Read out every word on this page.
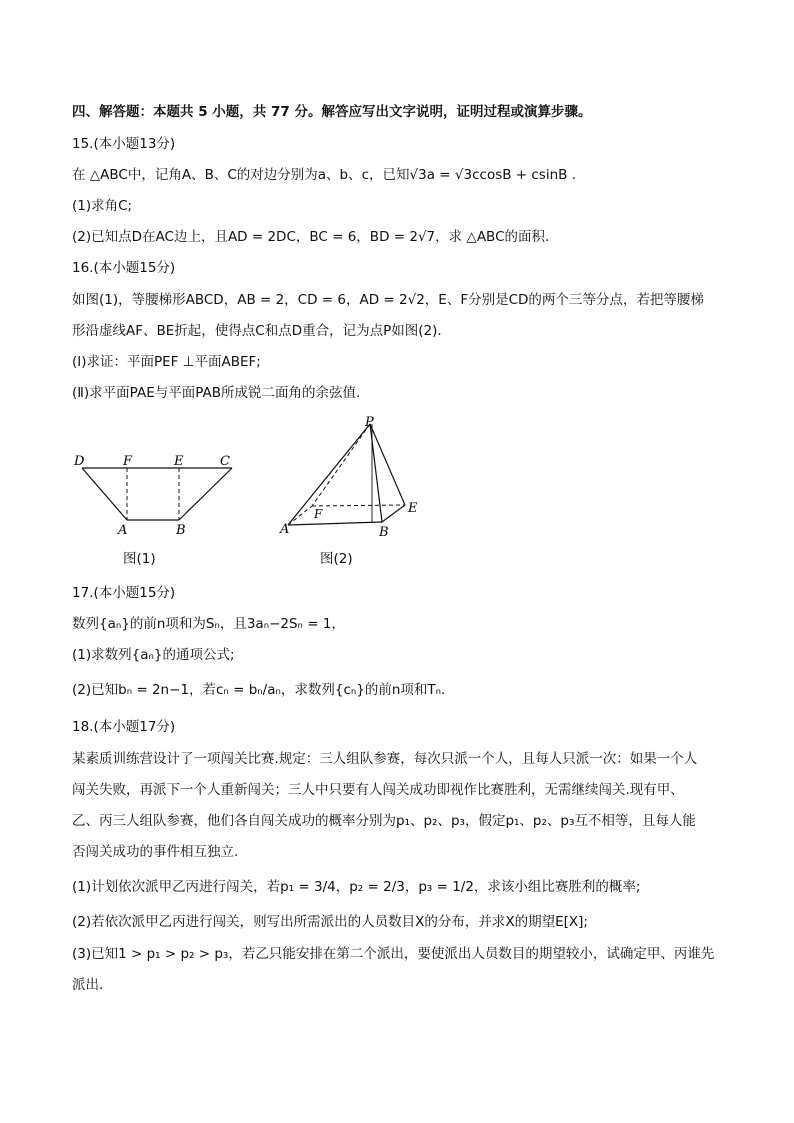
四、解答题：本题共 5 小题，共 77 分。解答应写出文字说明，证明过程或演算步骤。
15.(本小题13分)
在 △ABC中，记角A、B、C的对边分别为a、b、c，已知√3a = √3ccosB + csinB .
(1)求角C;
(2)已知点D在AC边上，且AD = 2DC，BC = 6，BD = 2√7，求 △ABC的面积.
16.(本小题15分)
如图(1)，等腰梯形ABCD，AB = 2，CD = 6，AD = 2√2，E、F分别是CD的两个三等分点，若把等腰梯
形沿虚线AF、BE折起，使得点C和点D重合，记为点P如图(2).
(Ⅰ)求证：平面PEF ⊥平面ABEF;
(Ⅱ)求平面PAE与平面PAB所成锐二面角的余弦值.
D	F	E	C
A	B
图(1)
P
F	E
A	B
图(2)
17.(本小题15分)
数列{aₙ}的前n项和为Sₙ，且3aₙ−2Sₙ = 1，
(1)求数列{aₙ}的通项公式;
(2)已知bₙ = 2n−1，若cₙ = bₙ/aₙ，求数列{cₙ}的前n项和Tₙ.
18.(本小题17分)
某素质训练营设计了一项闯关比赛.规定：三人组队参赛，每次只派一个人，且每人只派一次：如果一个人
闯关失败，再派下一个人重新闯关；三人中只要有人闯关成功即视作比赛胜利，无需继续闯关.现有甲、
乙、丙三人组队参赛，他们各自闯关成功的概率分别为p₁、p₂、p₃，假定p₁、p₂、p₃互不相等，且每人能
否闯关成功的事件相互独立.
(1)计划依次派甲乙丙进行闯关，若p₁ = 3/4，p₂ = 2/3，p₃ = 1/2，求该小组比赛胜利的概率;
(2)若依次派甲乙丙进行闯关，则写出所需派出的人员数目X的分布，并求X的期望E[X];
(3)已知1 > p₁ > p₂ > p₃，若乙只能安排在第二个派出，要使派出人员数目的期望较小，试确定甲、丙谁先
派出.
